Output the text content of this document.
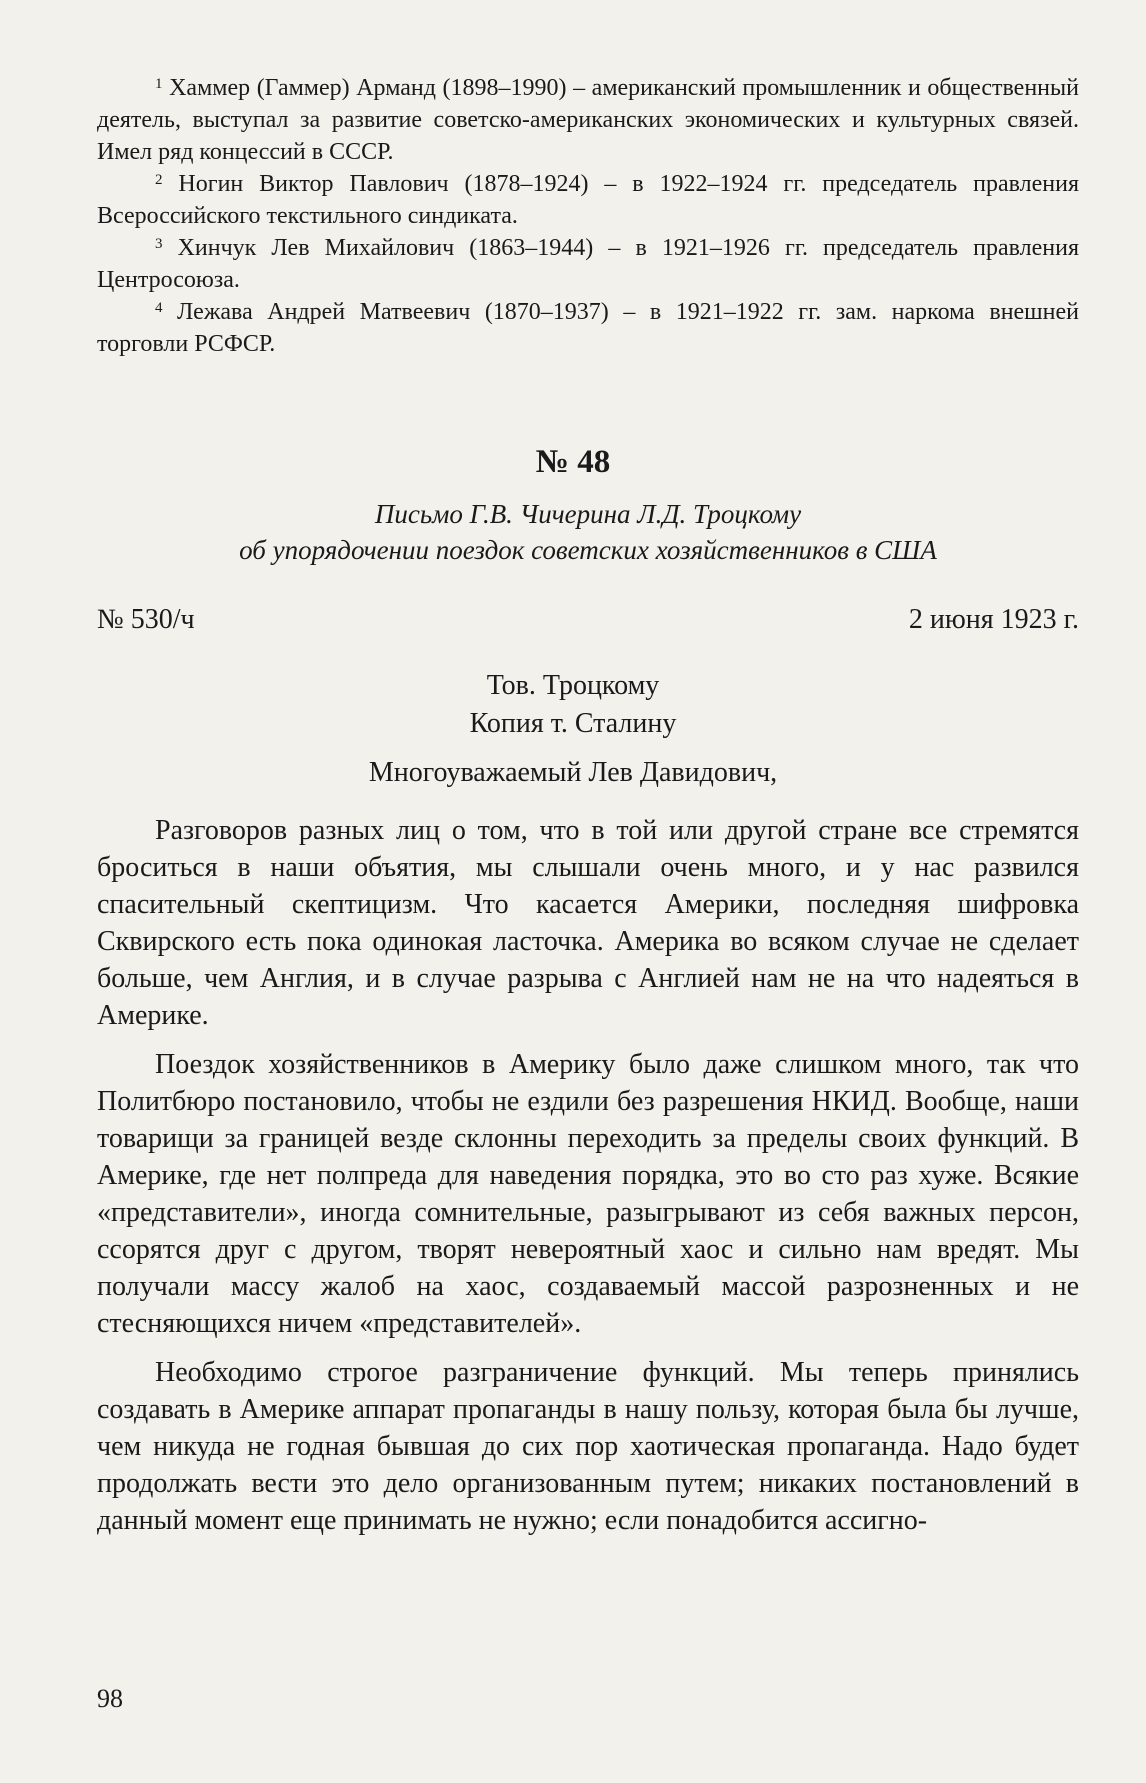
$^1$ Хаммер (Гаммер) Арманд (1898–1990) – американский промышленник и общественный деятель, выступал за развитие советско-американских экономических и культурных связей. Имел ряд концессий в СССР.

$^2$ Ногин Виктор Павлович (1878–1924) – в 1922–1924 гг. председатель правления Всероссийского текстильного синдиката.

$^3$ Хинчук Лев Михайлович (1863–1944) – в 1921–1926 гг. председатель правления Центросоюза.

$^4$ Лежава Андрей Матвеевич (1870–1937) – в 1921–1922 гг. зам. наркома внешней торговли РСФСР.

№ 48
Письмо Г.В. Чичерина Л.Д. Троцкому
об упорядочении поездок советских хозяйственников в США
№ 530/ч	2 июня 1923 г.
Тов. Троцкому
Копия т. Сталину
Многоуважаемый Лев Давидович,

Разговоров разных лиц о том, что в той или другой стране все стремятся броситься в наши объятия, мы слышали очень много, и у нас развился спасительный скептицизм. Что касается Америки, последняя шифровка Сквирского есть пока одинокая ласточка. Америка во всяком случае не сделает больше, чем Англия, и в случае разрыва с Англией нам не на что надеяться в Америке.

Поездок хозяйственников в Америку было даже слишком много, так что Политбюро постановило, чтобы не ездили без разрешения НКИД. Вообще, наши товарищи за границей везде склонны переходить за пределы своих функций. В Америке, где нет полпреда для наведения порядка, это во сто раз хуже. Всякие «представители», иногда сомнительные, разыгрывают из себя важных персон, ссорятся друг с другом, творят невероятный хаос и сильно нам вредят. Мы получали массу жалоб на хаос, создаваемый массой разрозненных и не стесняющихся ничем «представителей».

Необходимо строгое разграничение функций. Мы теперь принялись создавать в Америке аппарат пропаганды в нашу пользу, которая была бы лучше, чем никуда не годная бывшая до сих пор хаотическая пропаганда. Надо будет продолжать вести это дело организованным путем; никаких постановлений в данный момент еще принимать не нужно; если понадобится ассигно-

98
